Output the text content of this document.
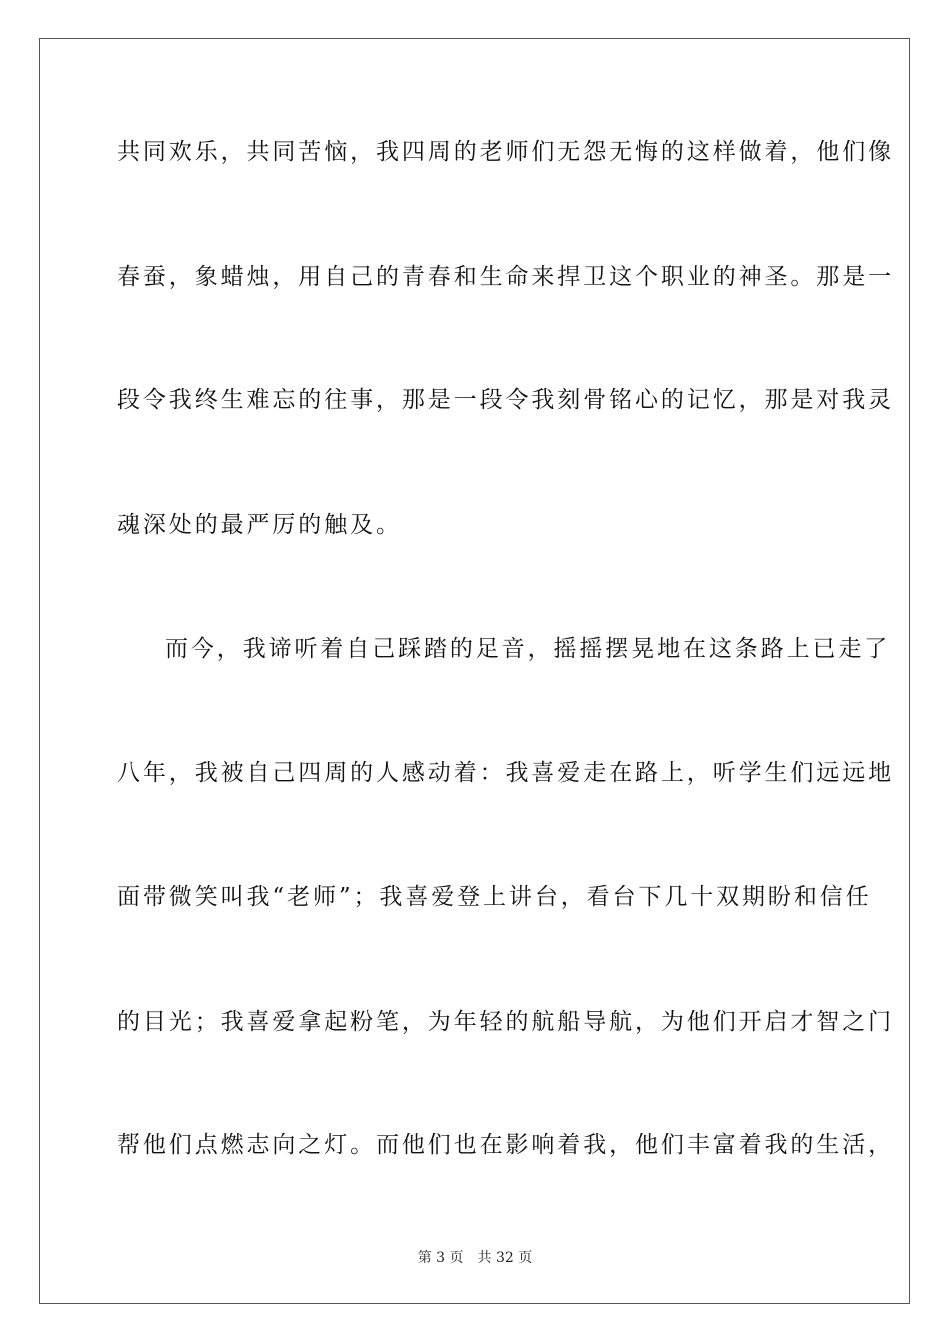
共同欢乐，共同苦恼，我四周的老师们无怨无悔的这样做着，他们像

春蚕，象蜡烛，用自己的青春和生命来捍卫这个职业的神圣。那是一

段令我终生难忘的往事，那是一段令我刻骨铭心的记忆，那是对我灵

魂深处的最严厉的触及。

而今，我谛听着自己踩踏的足音，摇摇摆晃地在这条路上已走了

八年，我被自己四周的人感动着：我喜爱走在路上，听学生们远远地

面带微笑叫我“老师”；我喜爱登上讲台，看台下几十双期盼和信任

的目光；我喜爱拿起粉笔，为年轻的航船导航，为他们开启才智之门

帮他们点燃志向之灯。而他们也在影响着我，他们丰富着我的生活，

第 3 页 共 32 页
